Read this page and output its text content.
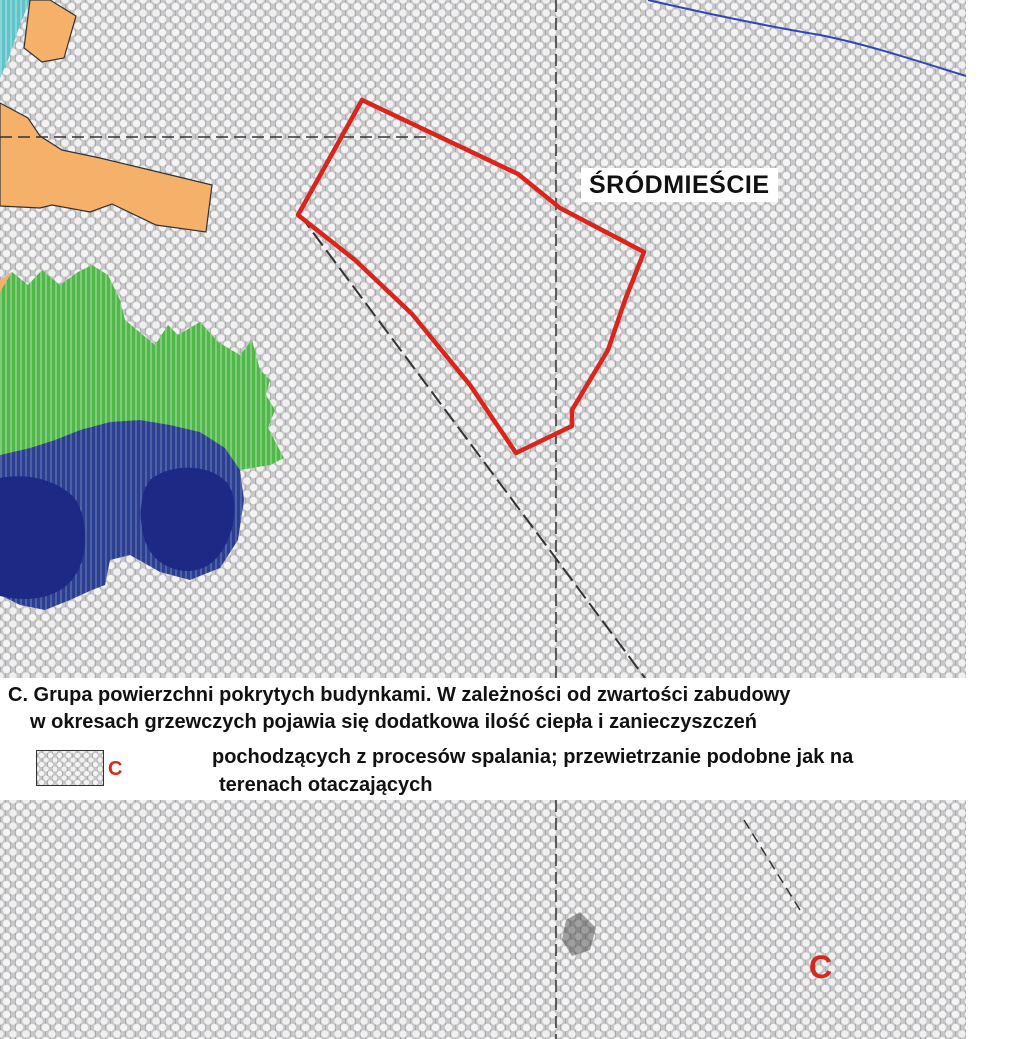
ŚRÓDMIEŚCIE

C. Grupa powierzchni pokrytych budynkami. W zależności od zwartości zabudowy

w okresach grzewczych pojawia się dodatkowa ilość ciepła i zanieczyszczeń

pochodzących z procesów spalania; przewietrzanie podobne jak na

terenach otaczających

C
C
